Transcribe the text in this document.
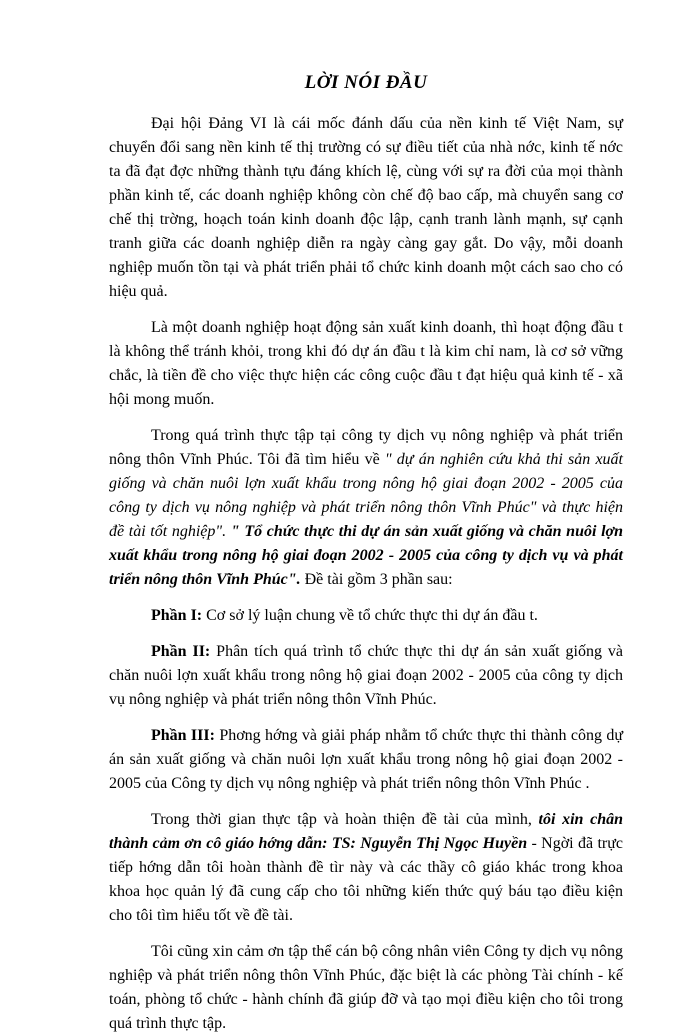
LỜI NÓI ĐẦU

Đại hội Đảng VI là cái mốc đánh dấu của nền kinh tế Việt Nam, sự chuyển đổi sang nền kinh tế thị trường có sự điều tiết của nhà nớc, kinh tế nớc ta đã đạt đợc những thành tựu đáng khích lệ, cùng với sự ra đời của mọi thành phần kinh tế, các doanh nghiệp không còn chế độ bao cấp, mà chuyển sang cơ chế thị trờng, hoạch toán kinh doanh độc lập, cạnh tranh lành mạnh, sự cạnh tranh giữa các doanh nghiệp diễn ra ngày càng gay gắt. Do vậy, mỗi doanh nghiệp muốn tồn tại và phát triển phải tổ chức kinh doanh một cách sao cho có hiệu quả.

Là một doanh nghiệp hoạt động sản xuất kinh doanh, thì hoạt động đầu t là không thể tránh khỏi, trong khi đó dự án đầu t là kim chỉ nam, là cơ sở vững chắc, là tiền đề cho việc thực hiện các công cuộc đầu t đạt hiệu quả kinh tế - xã hội mong muốn.

Trong quá trình thực tập tại công ty dịch vụ nông nghiệp và phát triển nông thôn Vĩnh Phúc. Tôi đã tìm hiểu về " dự án nghiên cứu khả thi sản xuất giống và chăn nuôi lợn xuất khẩu trong nông hộ giai đoạn 2002 - 2005 của công ty dịch vụ nông nghiệp và phát triển nông thôn Vĩnh Phúc" và thực hiện đề tài tốt nghiệp". " Tổ chức thực thi dự án sản xuất giống và chăn nuôi lợn xuất khẩu trong nông hộ giai đoạn 2002 - 2005 của công ty dịch vụ và phát triển nông thôn Vĩnh Phúc". Đề tài gồm 3 phần sau:

Phần I: Cơ sở lý luận chung về tổ chức thực thi dự án đầu t.

Phần II: Phân tích quá trình tổ chức thực thi dự án sản xuất giống và chăn nuôi lợn xuất khẩu trong nông hộ giai đoạn 2002 - 2005 của công ty dịch vụ nông nghiệp và phát triển nông thôn Vĩnh Phúc.

Phần III: Phơng hớng và giải pháp nhằm tổ chức thực thi thành công dự án sản xuất giống và chăn nuôi lợn xuất khẩu trong nông hộ giai đoạn 2002 - 2005 của Công ty dịch vụ nông nghiệp và phát triển nông thôn Vĩnh Phúc .

Trong thời gian thực tập và hoàn thiện đề tài của mình, tôi xin chân thành cảm ơn cô giáo hớng dẫn: TS: Nguyễn Thị Ngọc Huyền - Ngời đã trực tiếp hớng dẫn tôi hoàn thành đề tìr này và các thầy cô giáo khác trong khoa khoa học quản lý đã cung cấp cho tôi những kiến thức quý báu tạo điều kiện cho tôi tìm hiểu tốt về đề tài.

Tôi cũng xin cảm ơn tập thể cán bộ công nhân viên Công ty dịch vụ nông nghiệp và phát triển nông thôn Vĩnh Phúc, đặc biệt là các phòng Tài chính - kế toán, phòng tổ chức - hành chính đã giúp đỡ và tạo mọi điều kiện cho tôi trong quá trình thực tập.
